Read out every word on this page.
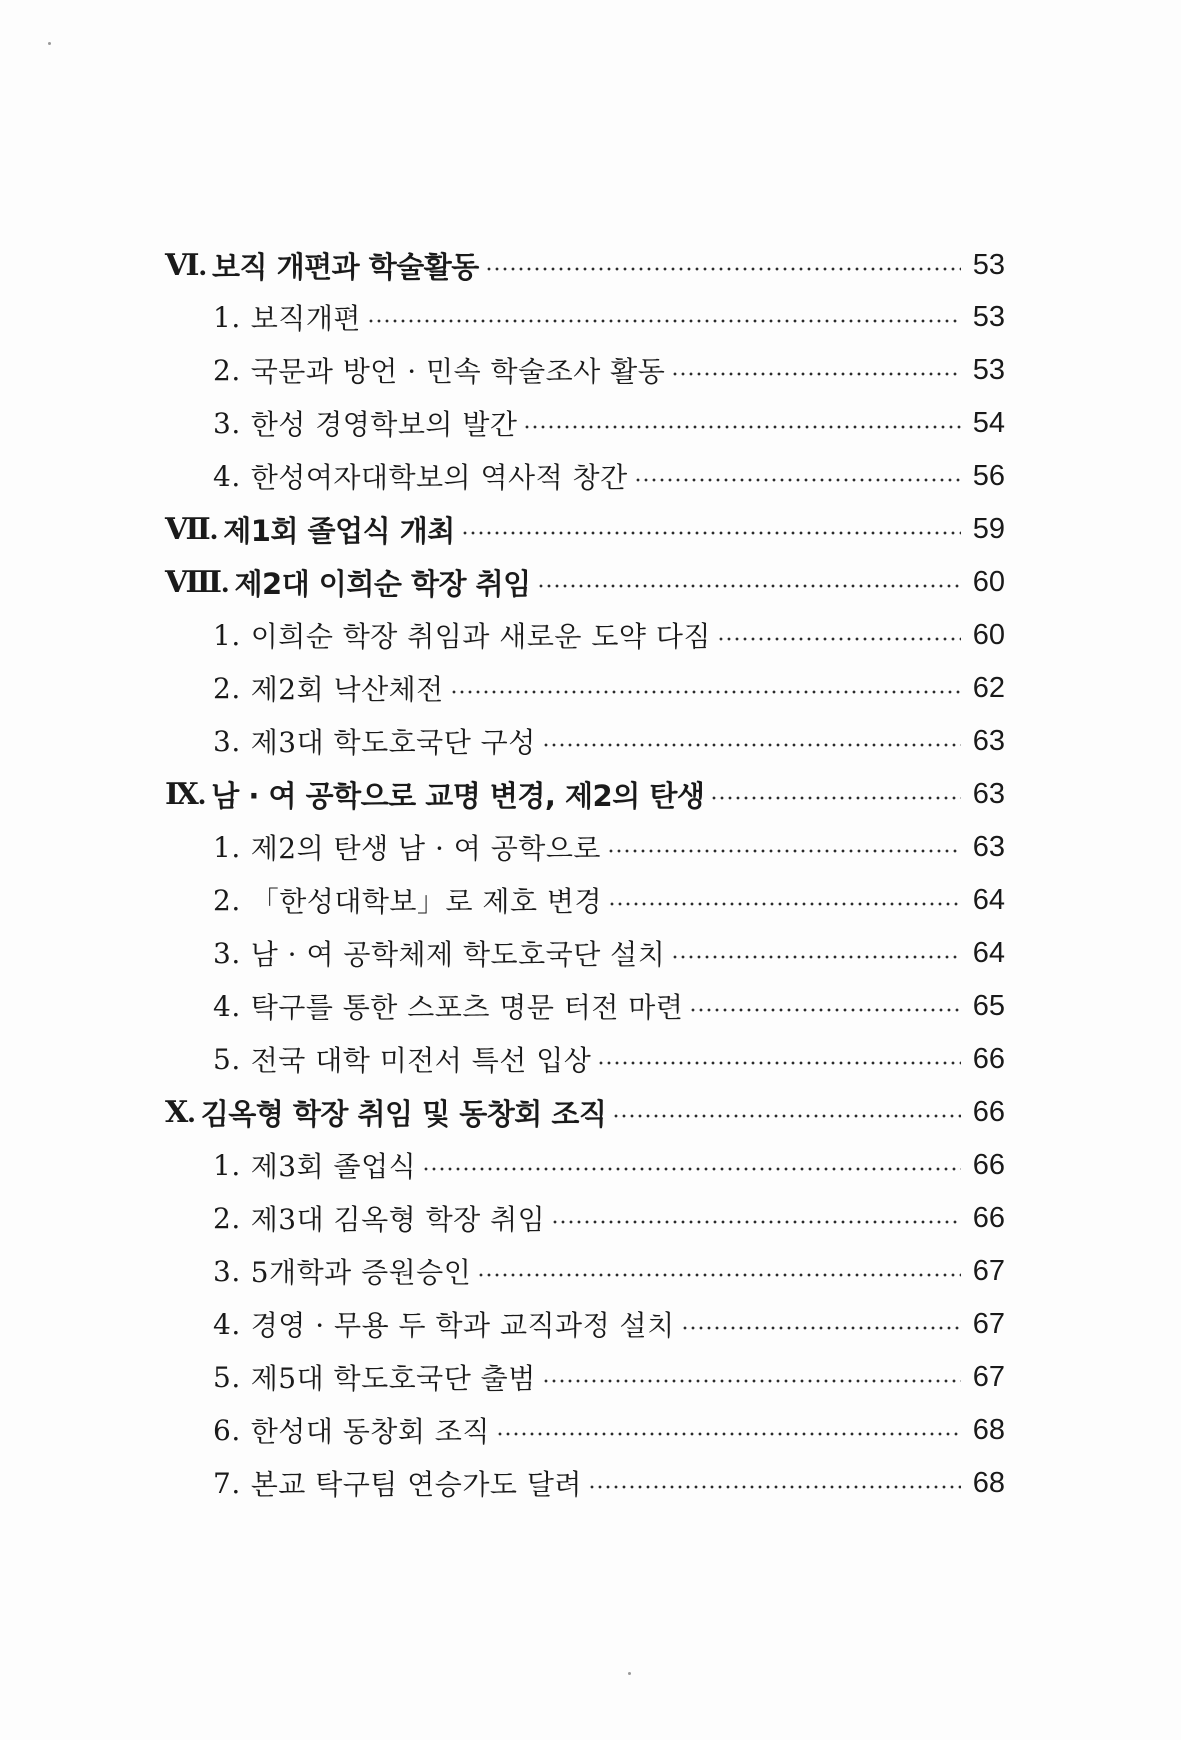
Ⅵ. 보직 개편과 학술활동	53
1. 보직개편	53
2. 국문과 방언 · 민속 학술조사 활동	53
3. 한성 경영학보의 발간	54
4. 한성여자대학보의 역사적 창간	56
Ⅶ. 제1회 졸업식 개최	59
Ⅷ. 제2대 이희순 학장 취임	60
1. 이희순 학장 취임과 새로운 도약 다짐	60
2. 제2회 낙산체전	62
3. 제3대 학도호국단 구성	63
Ⅸ. 남 · 여 공학으로 교명 변경, 제2의 탄생	63
1. 제2의 탄생 남 · 여 공학으로	63
2. 「한성대학보」로 제호 변경	64
3. 남 · 여 공학체제 학도호국단 설치	64
4. 탁구를 통한 스포츠 명문 터전 마련	65
5. 전국 대학 미전서 특선 입상	66
Ⅹ. 김옥형 학장 취임 및 동창회 조직	66
1. 제3회 졸업식	66
2. 제3대 김옥형 학장 취임	66
3. 5개학과 증원승인	67
4. 경영 · 무용 두 학과 교직과정 설치	67
5. 제5대 학도호국단 출범	67
6. 한성대 동창회 조직	68
7. 본교 탁구팀 연승가도 달려	68
